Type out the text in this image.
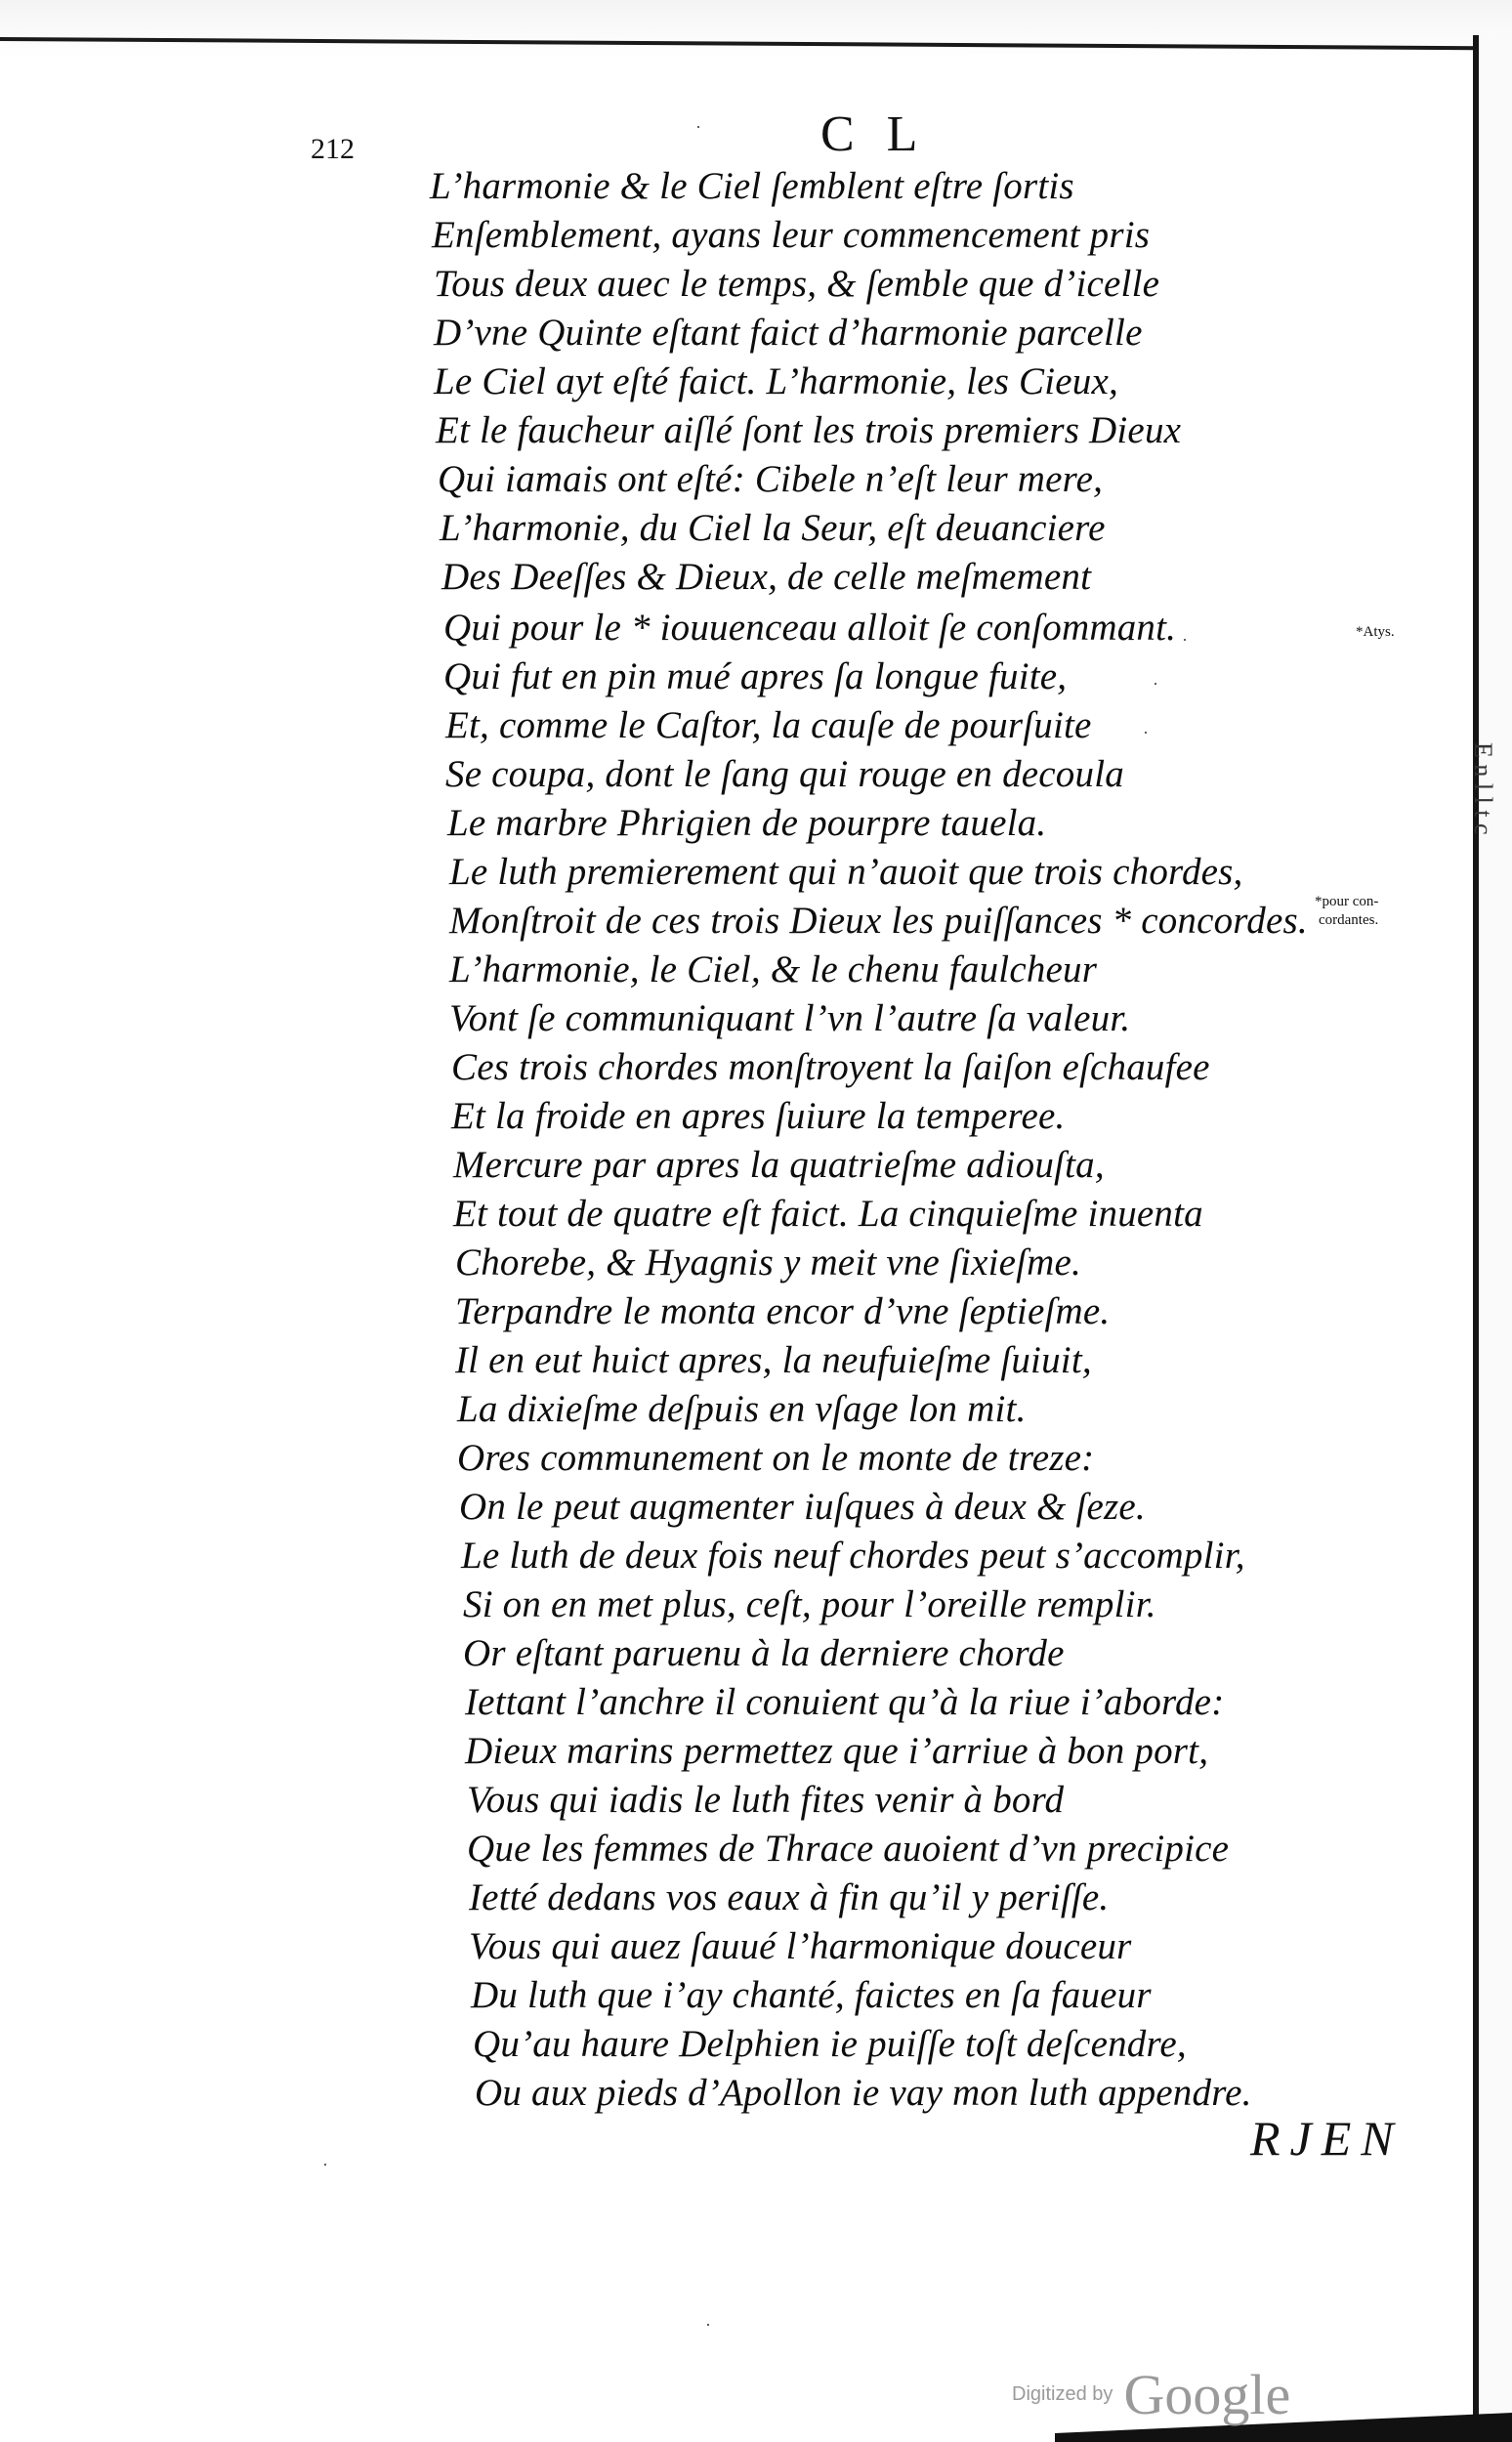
212	C L
L’harmonie & le Ciel ſemblent eſtre ſortis
Enſemblement, ayans leur commencement pris
Tous deux auec le temps, & ſemble que d’icelle
D’vne Quinte eſtant faict d’harmonie parcelle
Le Ciel ayt eſté faict. L’harmonie, les Cieux,
Et le faucheur aiſlé ſont les trois premiers Dieux
Qui iamais ont eſté: Cibele n’eſt leur mere,
L’harmonie, du Ciel la Seur, eſt deuanciere
Des Deeſſes & Dieux, de celle meſmement
Qui pour le * iouuenceau alloit ſe conſommant.
Qui fut en pin mué apres ſa longue fuite,
Et, comme le Caſtor, la cauſe de pourſuite
Se coupa, dont le ſang qui rouge en decoula
Le marbre Phrigien de pourpre tauela.
Le luth premierement qui n’auoit que trois chordes,
Monſtroit de ces trois Dieux les puiſſances * concordes.
L’harmonie, le Ciel, & le chenu faulcheur
Vont ſe communiquant l’vn l’autre ſa valeur.
Ces trois chordes monſtroyent la ſaiſon eſchaufee
Et la froide en apres ſuiure la temperee.
Mercure par apres la quatrieſme adiouſta,
Et tout de quatre eſt faict. La cinquieſme inuenta
Chorebe, & Hyagnis y meit vne ſixieſme.
Terpandre le monta encor d’vne ſeptieſme.
Il en eut huict apres, la neufuieſme ſuiuit,
La dixieſme deſpuis en vſage lon mit.
Ores communement on le monte de treze:
On le peut augmenter iuſques à deux & ſeze.
Le luth de deux fois neuf chordes peut s’accomplir,
Si on en met plus, ceſt, pour l’oreille remplir.
Or eſtant paruenu à la derniere chorde
Iettant l’anchre il conuient qu’à la riue i’aborde:
Dieux marins permettez que i’arriue à bon port,
Vous qui iadis le luth fites venir à bord
Que les femmes de Thrace auoient d’vn precipice
Ietté dedans vos eaux à fin qu’il y periſſe.
Vous qui auez ſauué l’harmonique douceur
Du luth que i’ay chanté, faictes en ſa faueur
Qu’au haure Delphien ie puiſſe toſt deſcendre,
Ou aux pieds d’Apollon ie vay mon luth appendre.
*Atys.
*pour con-
cordantes.
RJEN
·
·
·
·
·
·
Digitized by Google
